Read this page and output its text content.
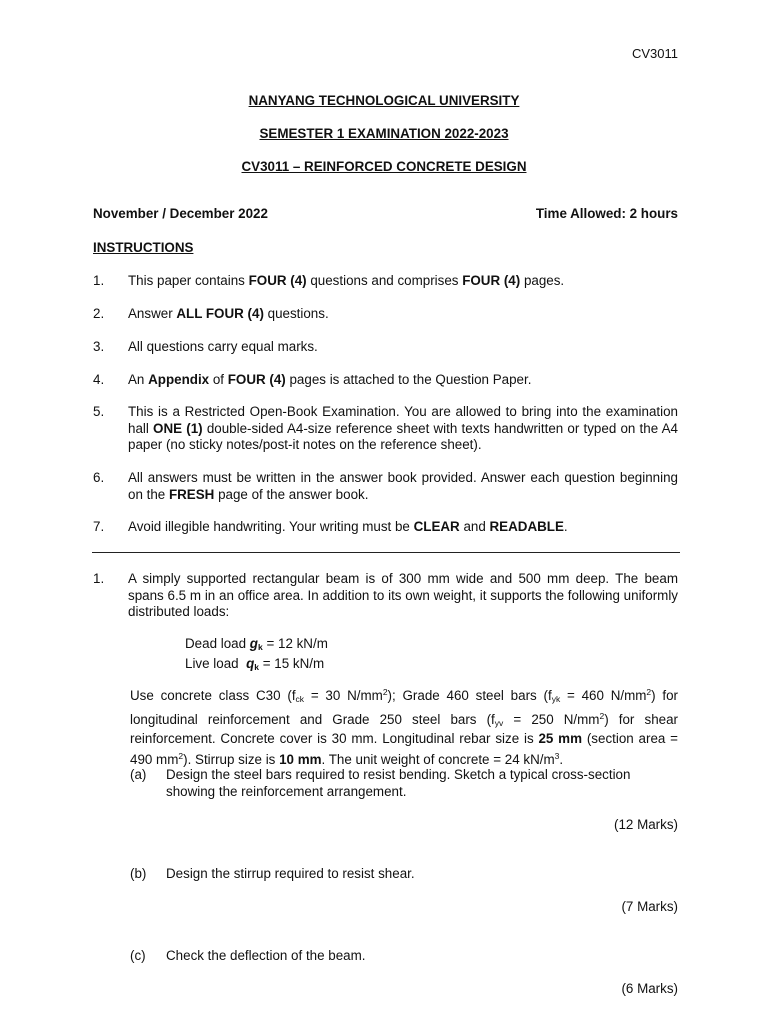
CV3011
NANYANG TECHNOLOGICAL UNIVERSITY
SEMESTER 1 EXAMINATION 2022-2023
CV3011 – REINFORCED CONCRETE DESIGN
November / December 2022	Time Allowed: 2 hours
INSTRUCTIONS
1. This paper contains FOUR (4) questions and comprises FOUR (4) pages.
2. Answer ALL FOUR (4) questions.
3. All questions carry equal marks.
4. An Appendix of FOUR (4) pages is attached to the Question Paper.
5. This is a Restricted Open-Book Examination. You are allowed to bring into the examination hall ONE (1) double-sided A4-size reference sheet with texts handwritten or typed on the A4 paper (no sticky notes/post-it notes on the reference sheet).
6. All answers must be written in the answer book provided. Answer each question beginning on the FRESH page of the answer book.
7. Avoid illegible handwriting. Your writing must be CLEAR and READABLE.
1. A simply supported rectangular beam is of 300 mm wide and 500 mm deep. The beam spans 6.5 m in an office area. In addition to its own weight, it supports the following uniformly distributed loads:
Dead load gk = 12 kN/m
Live load qk = 15 kN/m
Use concrete class C30 (fck = 30 $N/mm^2$); Grade 460 steel bars (fyk = 460 $N/mm^2$) for longitudinal reinforcement and Grade 250 steel bars (fyv = 250 $N/mm^2$) for shear reinforcement. Concrete cover is 30 mm. Longitudinal rebar size is 25 mm (section area = 490 $mm^2$). Stirrup size is 10 mm. The unit weight of concrete = 24 $kN/m^3$.
(a) Design the steel bars required to resist bending. Sketch a typical cross-section showing the reinforcement arrangement.
(12 Marks)
(b) Design the stirrup required to resist shear.
(7 Marks)
(c) Check the deflection of the beam.
(6 Marks)
